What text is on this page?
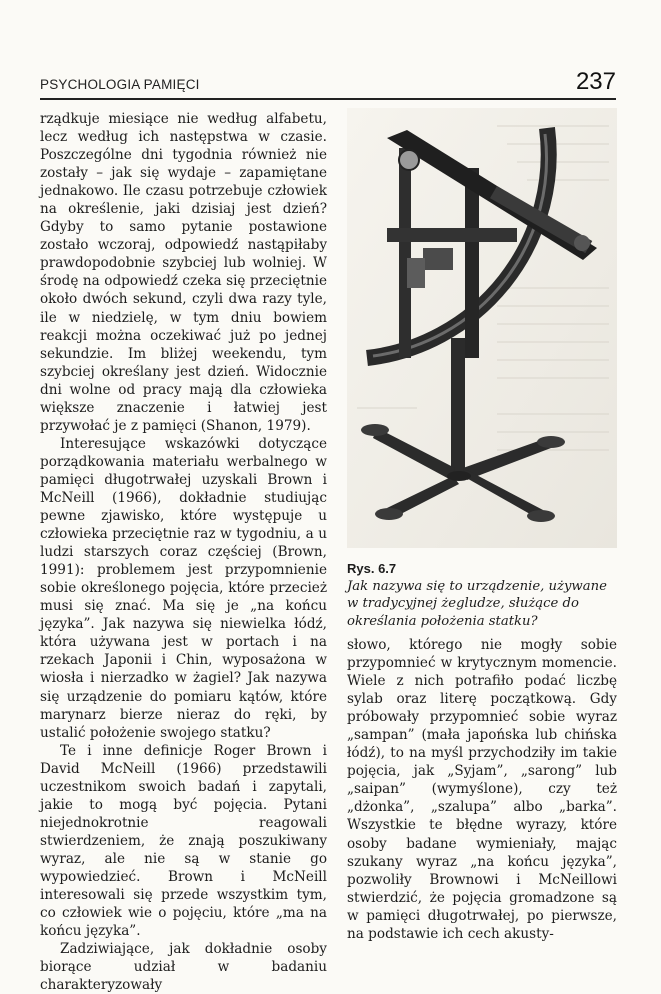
PSYCHOLOGIA PAMIĘCI	237

rządkuje miesiące nie według alfabetu, lecz według ich następstwa w czasie. Poszczególne dni tygodnia również nie zostały – jak się wydaje – zapamiętane jednakowo. Ile czasu potrzebuje człowiek na określenie, jaki dzisiaj jest dzień? Gdyby to samo pytanie postawione zostało wczoraj, odpowiedź nastąpiłaby prawdopodobnie szybciej lub wolniej. W środę na odpowiedź czeka się przeciętnie około dwóch sekund, czyli dwa razy tyle, ile w niedzielę, w tym dniu bowiem reakcji można oczekiwać już po jednej sekundzie. Im bliżej weekendu, tym szybciej określany jest dzień. Widocznie dni wolne od pracy mają dla człowieka większe znaczenie i łatwiej jest przywołać je z pamięci (Shanon, 1979).

Interesujące wskazówki dotyczące porządkowania materiału werbalnego w pamięci długotrwałej uzyskali Brown i McNeill (1966), dokładnie studiując pewne zjawisko, które występuje u człowieka przeciętnie raz w tygodniu, a u ludzi starszych coraz częściej (Brown, 1991): problemem jest przypomnienie sobie określonego pojęcia, które przecież musi się znać. Ma się je „na końcu języka”. Jak nazywa się niewielka łódź, która używana jest w portach i na rzekach Japonii i Chin, wyposażona w wiosła i nierzadko w żagiel? Jak nazywa się urządzenie do pomiaru kątów, które marynarz bierze nieraz do ręki, by ustalić położenie swojego statku?

Te i inne definicje Roger Brown i David McNeill (1966) przedstawili uczestnikom swoich badań i zapytali, jakie to mogą być pojęcia. Pytani niejednokrotnie reagowali stwierdzeniem, że znają poszukiwany wyraz, ale nie są w stanie go wypowiedzieć. Brown i McNeill interesowali się przede wszystkim tym, co człowiek wie o pojęciu, które „ma na końcu języka”.

Zadziwiające, jak dokładnie osoby biorące udział w badaniu charakteryzowały

Rys. 6.7
Jak nazywa się to urządzenie, używane w tradycyjnej żegludze, służące do określania położenia statku?

słowo, którego nie mogły sobie przypomnieć w krytycznym momencie. Wiele z nich potrafiło podać liczbę sylab oraz literę początkową. Gdy próbowały przypomnieć sobie wyraz „sampan” (mała japońska lub chińska łódź), to na myśl przychodziły im takie pojęcia, jak „Syjam”, „sarong” lub „saipan” (wymyślone), czy też „dżonka”, „szalupa” albo „barka”. Wszystkie te błędne wyrazy, które osoby badane wymieniały, mając szukany wyraz „na końcu języka”, pozwoliły Brownowi i McNeillowi stwierdzić, że pojęcia gromadzone są w pamięci długotrwałej, po pierwsze, na podstawie ich cech akusty-
